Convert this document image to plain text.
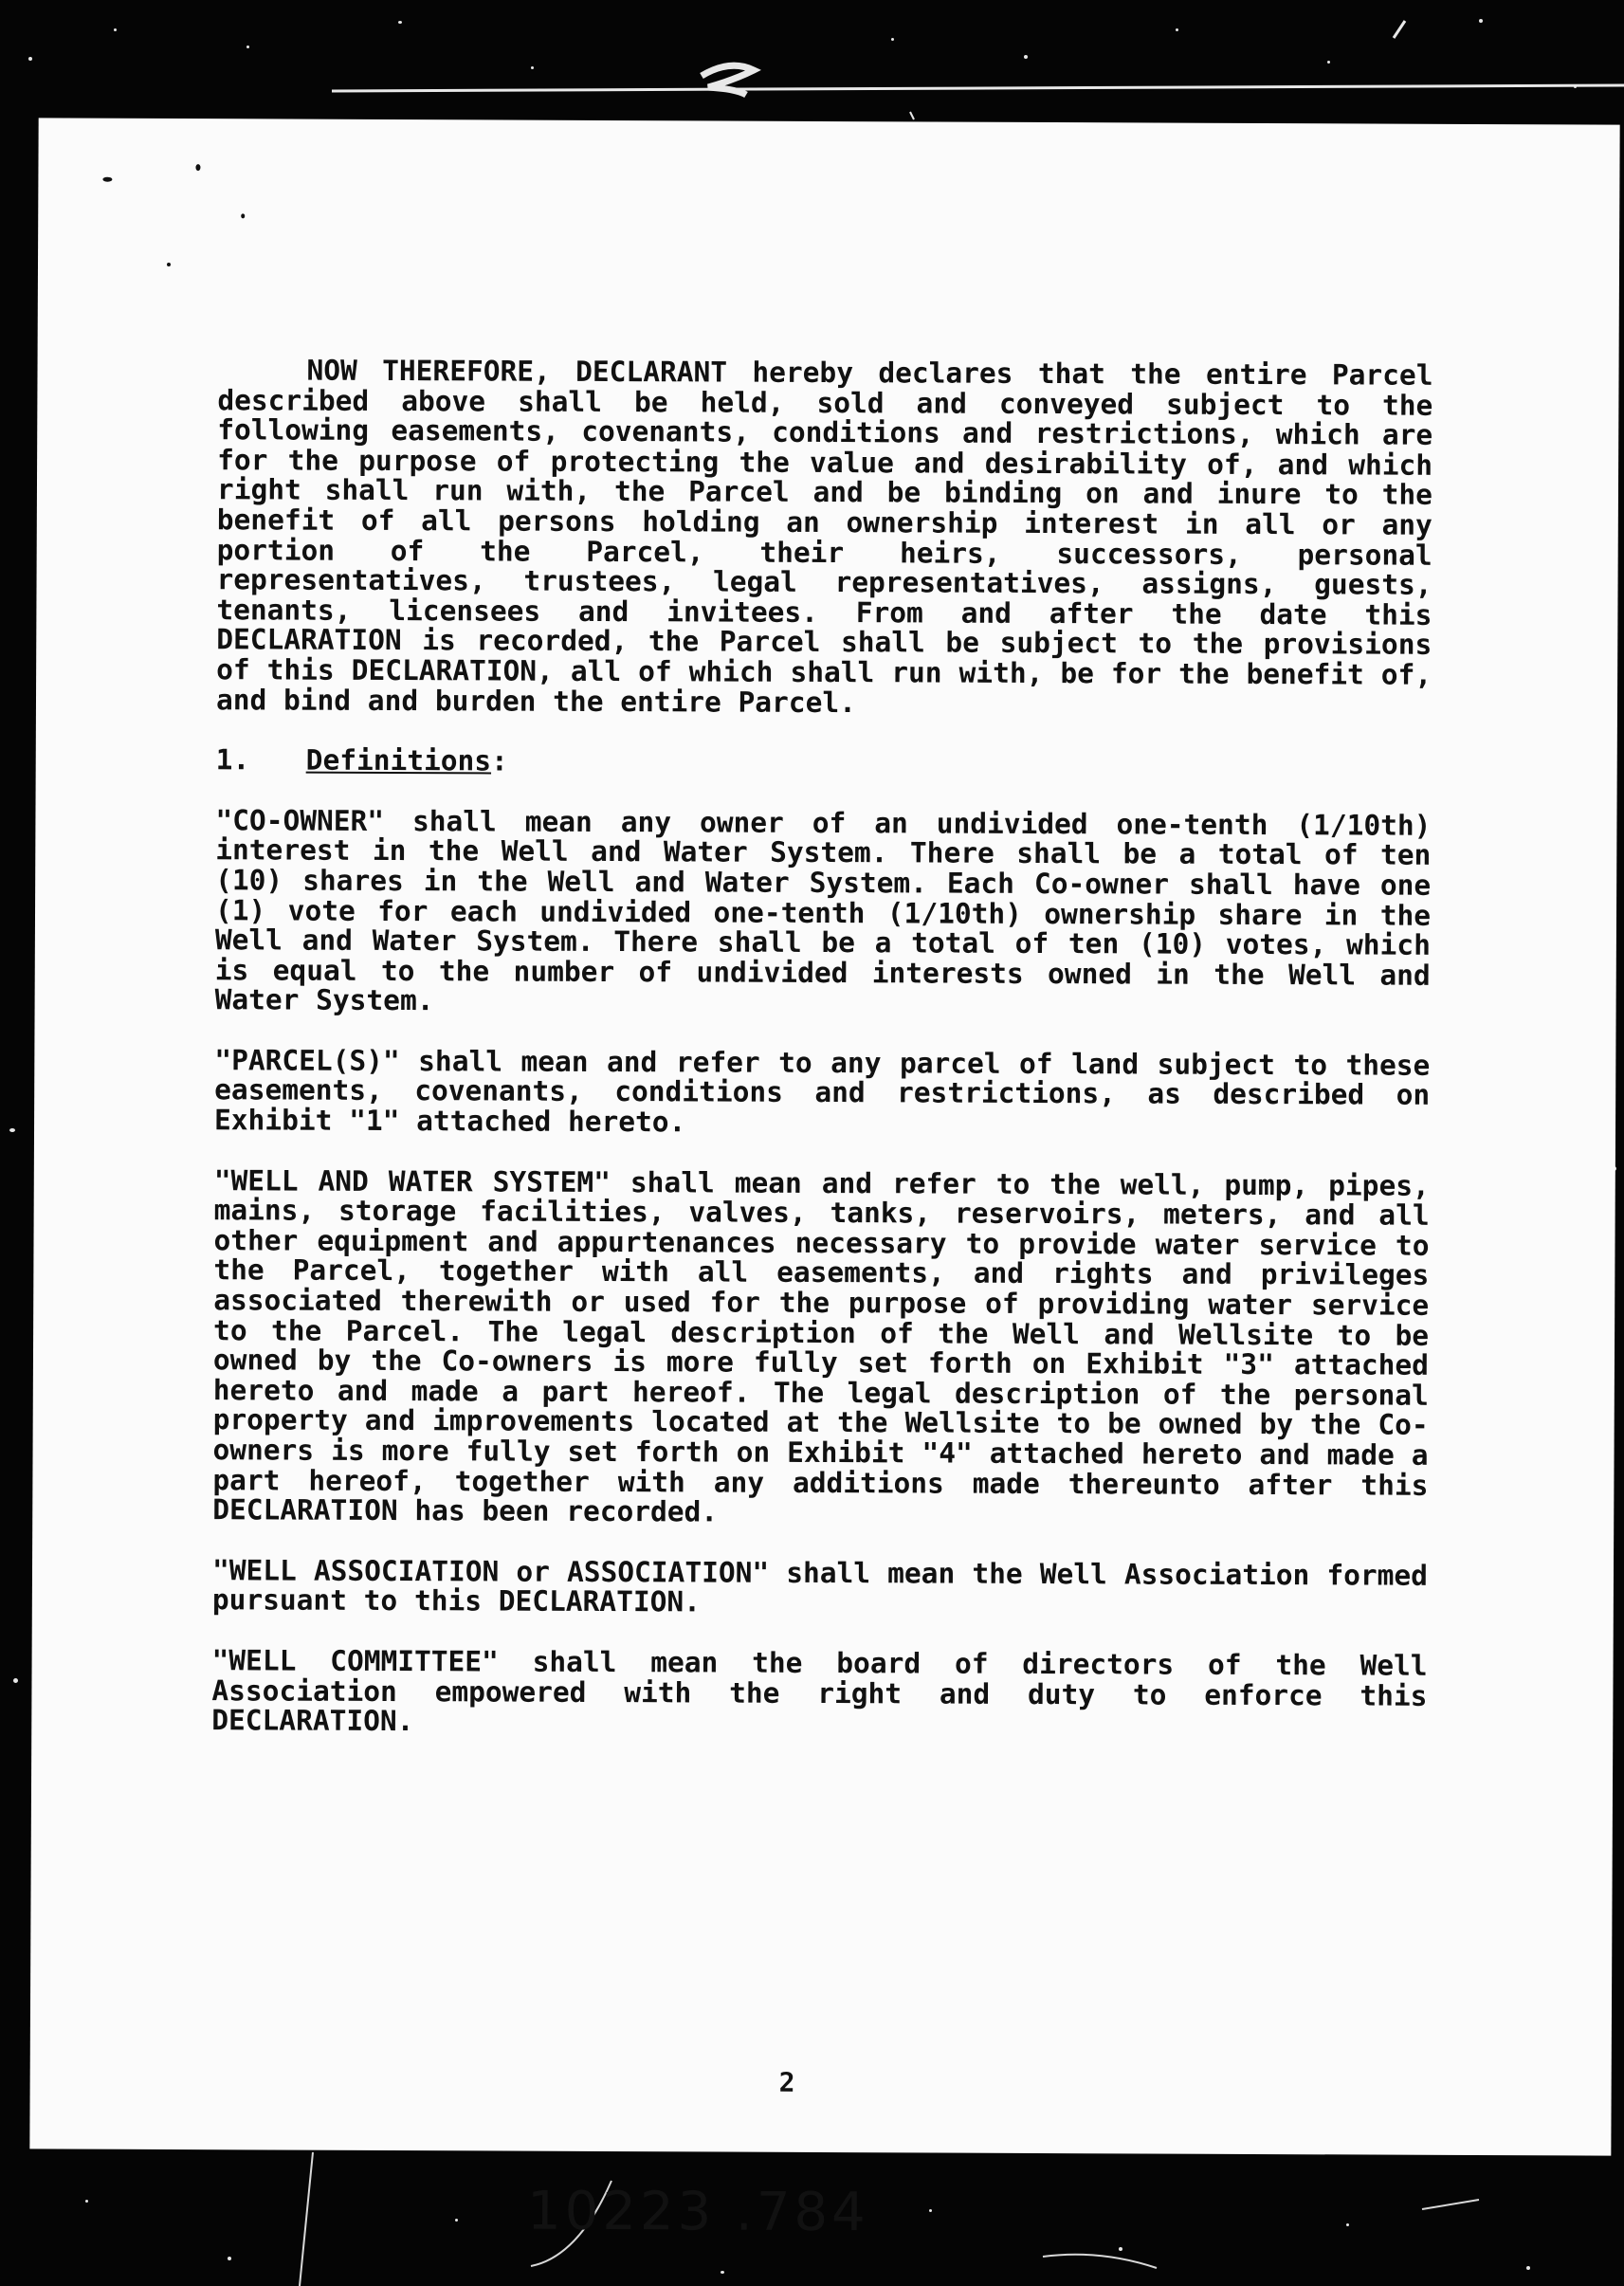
NOW THEREFORE, DECLARANT hereby declares that the entire Parcel described above shall be held, sold and conveyed subject to the following easements, covenants, conditions and restrictions, which are for the purpose of protecting the value and desirability of, and which right shall run with, the Parcel and be binding on and inure to the benefit of all persons holding an ownership interest in all or any portion of the Parcel, their heirs, successors, personal representatives, trustees, legal representatives, assigns, guests, tenants, licensees and invitees. From and after the date this DECLARATION is recorded, the Parcel shall be subject to the provisions of this DECLARATION, all of which shall run with, be for the benefit of, and bind and burden the entire Parcel.

1. Definitions:

"CO-OWNER" shall mean any owner of an undivided one-tenth (1/10th) interest in the Well and Water System. There shall be a total of ten (10) shares in the Well and Water System. Each Co-owner shall have one (1) vote for each undivided one-tenth (1/10th) ownership share in the Well and Water System. There shall be a total of ten (10) votes, which is equal to the number of undivided interests owned in the Well and Water System.

"PARCEL(S)" shall mean and refer to any parcel of land subject to these easements, covenants, conditions and restrictions, as described on Exhibit "1" attached hereto.

"WELL AND WATER SYSTEM" shall mean and refer to the well, pump, pipes, mains, storage facilities, valves, tanks, reservoirs, meters, and all other equipment and appurtenances necessary to provide water service to the Parcel, together with all easements, and rights and privileges associated therewith or used for the purpose of providing water service to the Parcel. The legal description of the Well and Wellsite to be owned by the Co-owners is more fully set forth on Exhibit "3" attached hereto and made a part hereof. The legal description of the personal property and improvements located at the Wellsite to be owned by the Co-owners is more fully set forth on Exhibit "4" attached hereto and made a part hereof, together with any additions made thereunto after this DECLARATION has been recorded.

"WELL ASSOCIATION or ASSOCIATION" shall mean the Well Association formed pursuant to this DECLARATION.

"WELL COMMITTEE" shall mean the board of directors of the Well Association empowered with the right and duty to enforce this DECLARATION.

2
10223 .784
